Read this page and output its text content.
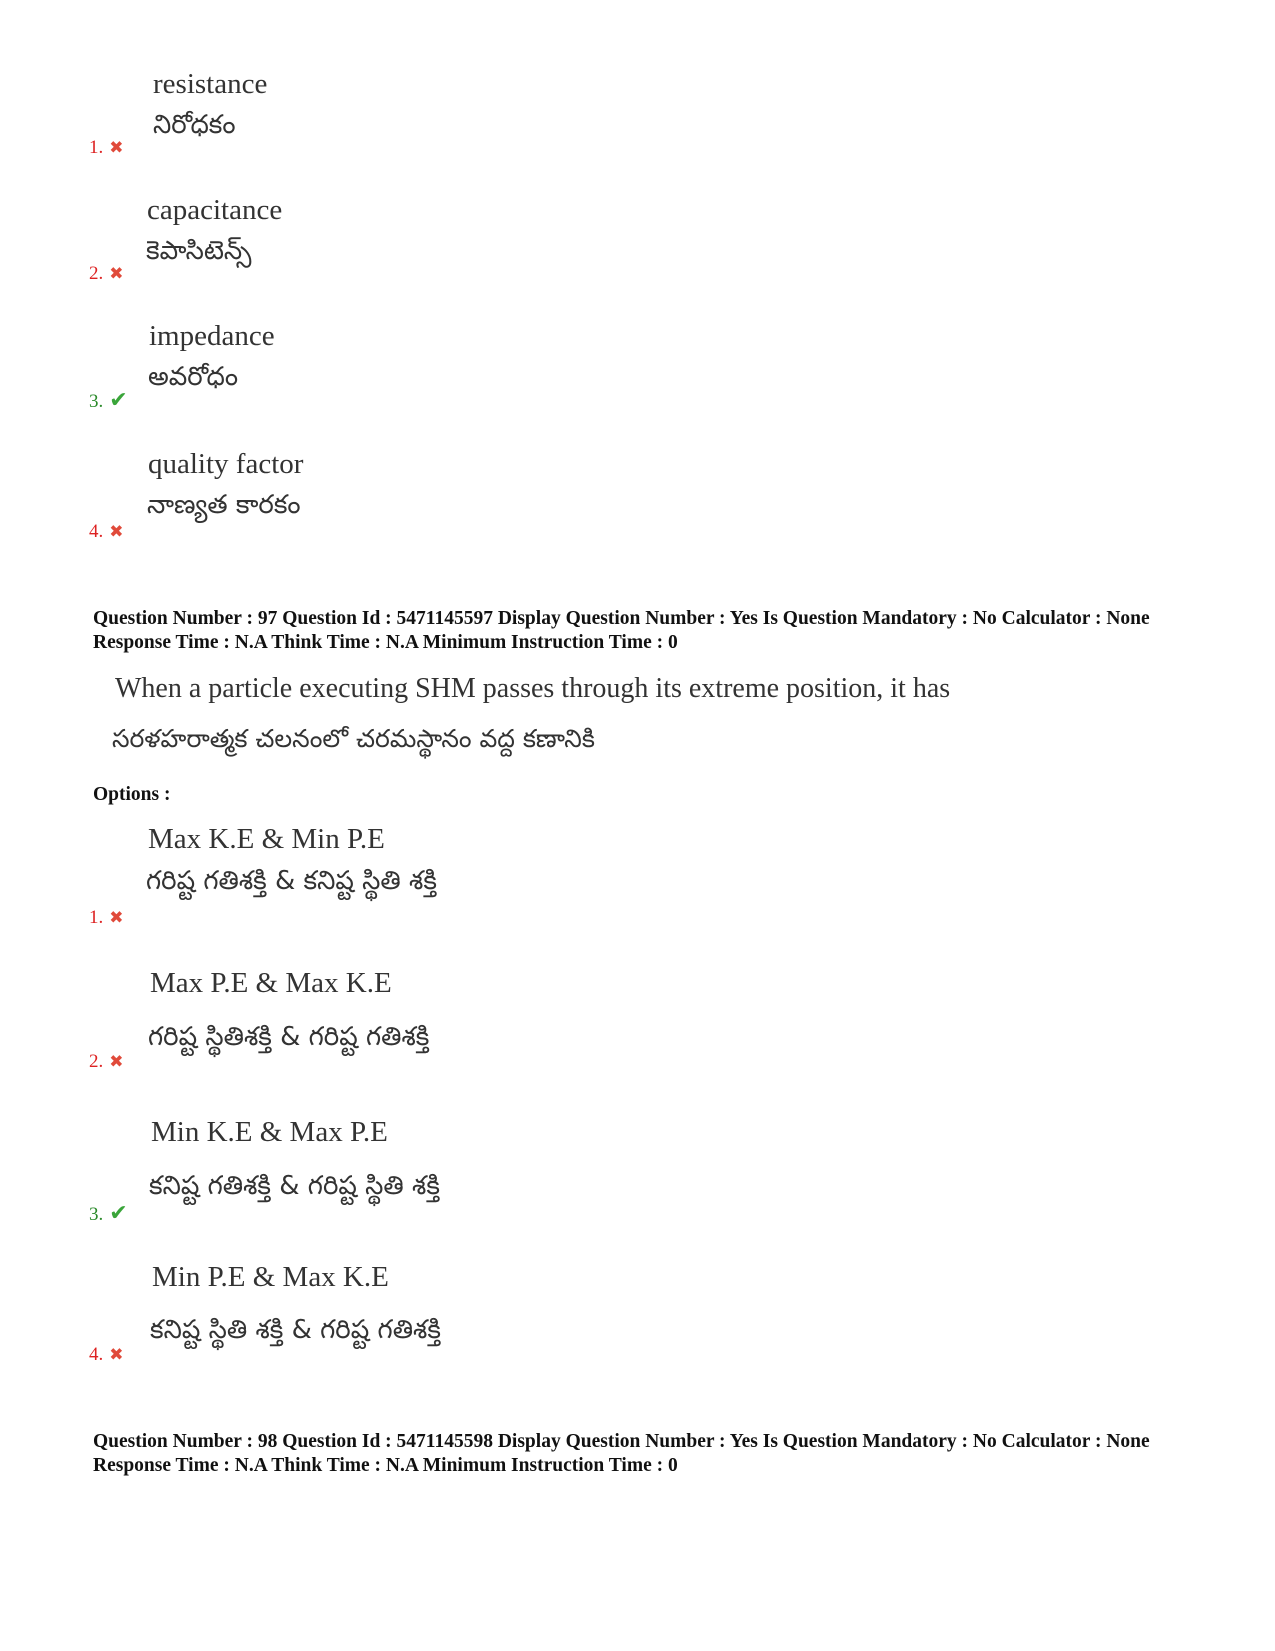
resistance
నిరోధకం
1. ✖
capacitance
కెపాసిటెన్స్
2. ✖
impedance
అవరోధం
3. ✔
quality factor
నాణ్యత కారకం
4. ✖
Question Number : 97 Question Id : 5471145597 Display Question Number : Yes Is Question Mandatory : No Calculator : None Response Time : N.A Think Time : N.A Minimum Instruction Time : 0
When a particle executing SHM passes through its extreme position, it has
సరళహరాత్మక చలనంలో చరమస్థానం వద్ద కణానికి
Options :
Max K.E & Min P.E
గరిష్ట గతిశక్తి & కనిష్ట స్థితి శక్తి
1. ✖
Max P.E & Max K.E
గరిష్ట స్థితిశక్తి & గరిష్ట గతిశక్తి
2. ✖
Min K.E & Max P.E
కనిష్ట గతిశక్తి & గరిష్ట స్థితి శక్తి
3. ✔
Min P.E & Max K.E
కనిష్ట స్థితి శక్తి & గరిష్ట గతిశక్తి
4. ✖
Question Number : 98 Question Id : 5471145598 Display Question Number : Yes Is Question Mandatory : No Calculator : None Response Time : N.A Think Time : N.A Minimum Instruction Time : 0
